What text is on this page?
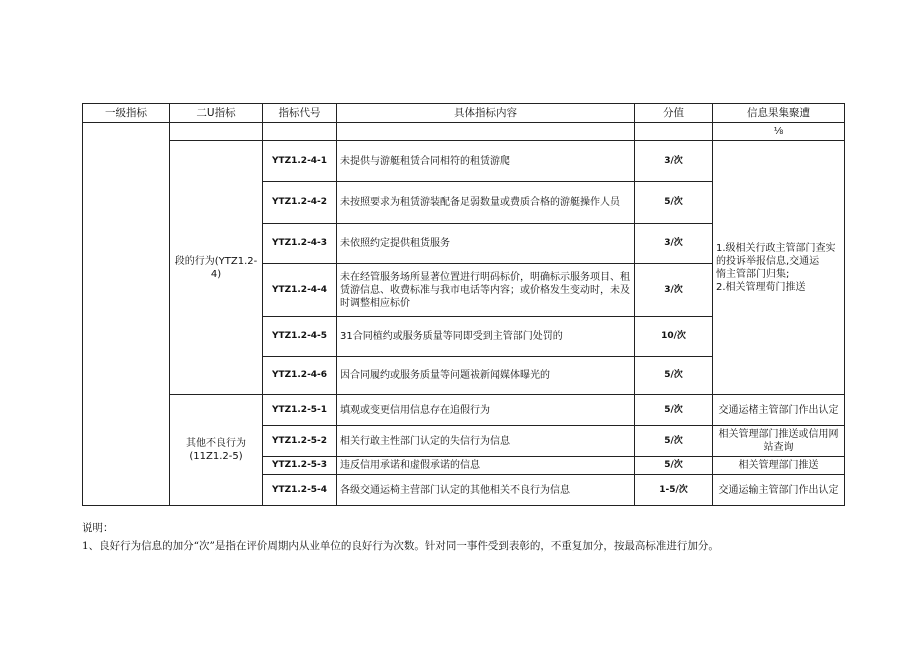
一级指标	二U指标	指标代号	具体指标内容	分值	信息果集聚遭
					⅛
	段的行为(YTZ1.2-4)	YTZ1.2-4-1	未提供与游艇租赁合同相符的租赁游爬	3/次	1.级相关行政主管部门查实的投诉举报信息,交通运
惰主管部门归集;
2.相关管理荀门推送

		YTZ1.2-4-2	未按照要求为租赁游装配备足弱数量或费质合格的游艇操作人员	5/次	
		YTZ1.2-4-3	未依照约定提供租货服务	3/次	
		YTZ1.2-4-4	未在经管服务场所显著位置进行明码标价，明确标示服务项目、租赁游信息、收费标准与我市电话等内容；或价格发生变动时，未及时调整相应标价	3/次	
		YTZ1.2-4-5	31合同植约或服务质量等同即受到主管部门处罚的	10/次	
		YTZ1.2-4-6	因合同履约或服务质量等问题祓新闻媒体曝光的	5/次	
	其他不良行为(11Z1.2-5)	YTZ1.2-5-1	填观或变更信用信息存在追假行为	5/次	交通运楮主管部门作出认定
		YTZ1.2-5-2	相关行敢主性部门认定的失信行为信息	5/次	相关管理部门推送或信用网站查询
		YTZ1.2-5-3	违反信用承诺和虚假承诺的信息	5/次	相关管理部门推送
		YTZ1.2-5-4	各级交通运椅主营部门认定的其他相关不良行为信息	1-5/次	交通运输主管部门作出认定
说明：
1、良好行为信息的加分“次”是指在评价周期内从业单位的良好行为次数。针对同一事件受到表彰的，不重复加分，按最高标准进行加分。
